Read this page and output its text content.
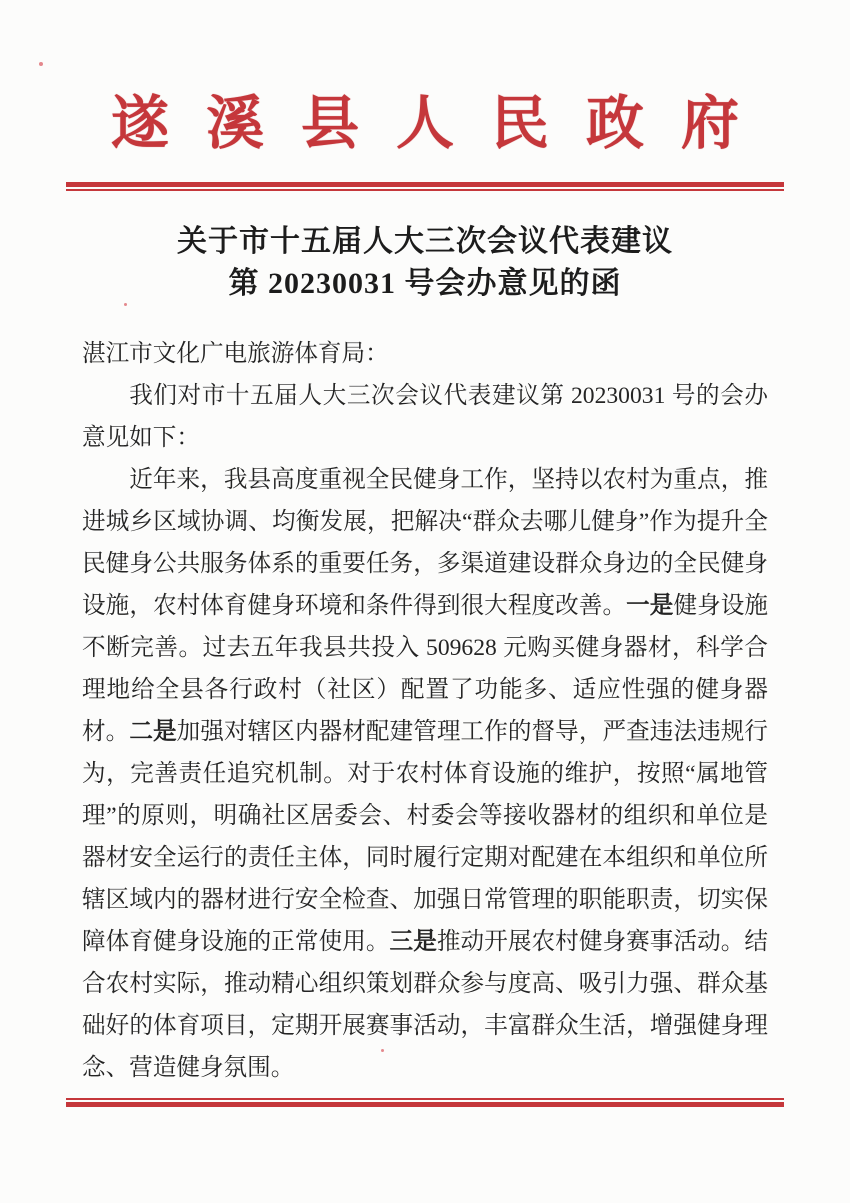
遂溪县人民政府
关于市十五届人大三次会议代表建议
第 20230031 号会办意见的函

湛江市文化广电旅游体育局：

我们对市十五届人大三次会议代表建议第 20230031 号的会办意见如下：

近年来，我县高度重视全民健身工作，坚持以农村为重点，推进城乡区域协调、均衡发展，把解决“群众去哪儿健身”作为提升全民健身公共服务体系的重要任务，多渠道建设群众身边的全民健身设施，农村体育健身环境和条件得到很大程度改善。一是健身设施不断完善。过去五年我县共投入 509628 元购买健身器材，科学合理地给全县各行政村（社区）配置了功能多、适应性强的健身器材。二是加强对辖区内器材配建管理工作的督导，严查违法违规行为，完善责任追究机制。对于农村体育设施的维护，按照“属地管理”的原则，明确社区居委会、村委会等接收器材的组织和单位是器材安全运行的责任主体，同时履行定期对配建在本组织和单位所辖区域内的器材进行安全检查、加强日常管理的职能职责，切实保障体育健身设施的正常使用。三是推动开展农村健身赛事活动。结合农村实际，推动精心组织策划群众参与度高、吸引力强、群众基础好的体育项目，定期开展赛事活动，丰富群众生活，增强健身理念、营造健身氛围。
